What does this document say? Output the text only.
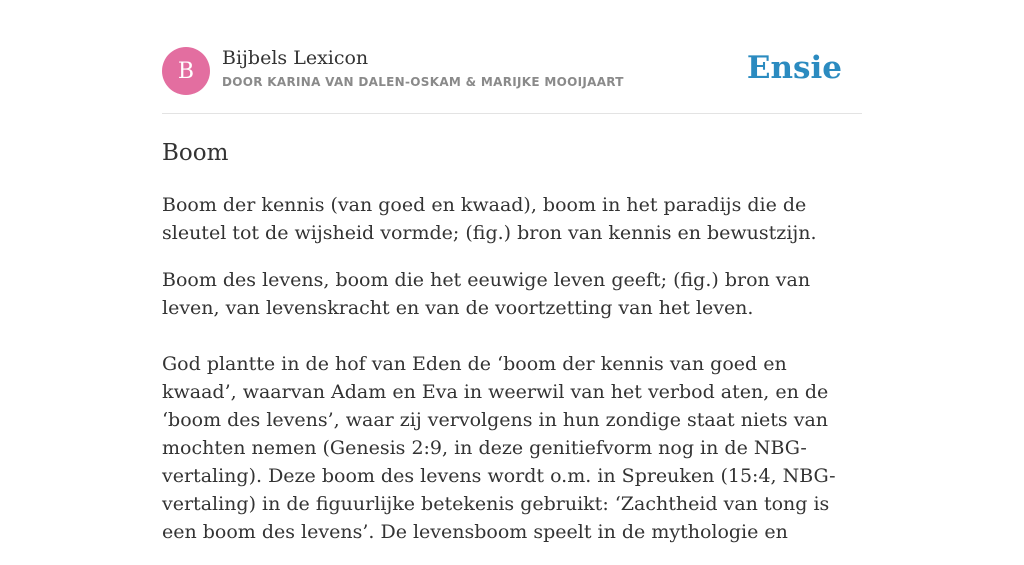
B
Bijbels Lexicon
DOOR KARINA VAN DALEN-OSKAM & MARIJKE MOOIJAART	Ensie
Boom

Boom der kennis (van goed en kwaad), boom in het paradijs die de sleutel tot de wijsheid vormde; (fig.) bron van kennis en bewustzijn.

Boom des levens, boom die het eeuwige leven geeft; (fig.) bron van leven, van levenskracht en van de voortzetting van het leven.

God plantte in de hof van Eden de ‘boom der kennis van goed en kwaad’, waarvan Adam en Eva in weerwil van het verbod aten, en de ‘boom des levens’, waar zij vervolgens in hun zondige staat niets van mochten nemen (Genesis 2:9, in deze genitiefvorm nog in de NBG-vertaling). Deze boom des levens wordt o.m. in Spreuken (15:4, NBG-vertaling) in de figuurlijke betekenis gebruikt: ‘Zachtheid van tong is een boom des levens’. De levensboom speelt in de mythologie en
